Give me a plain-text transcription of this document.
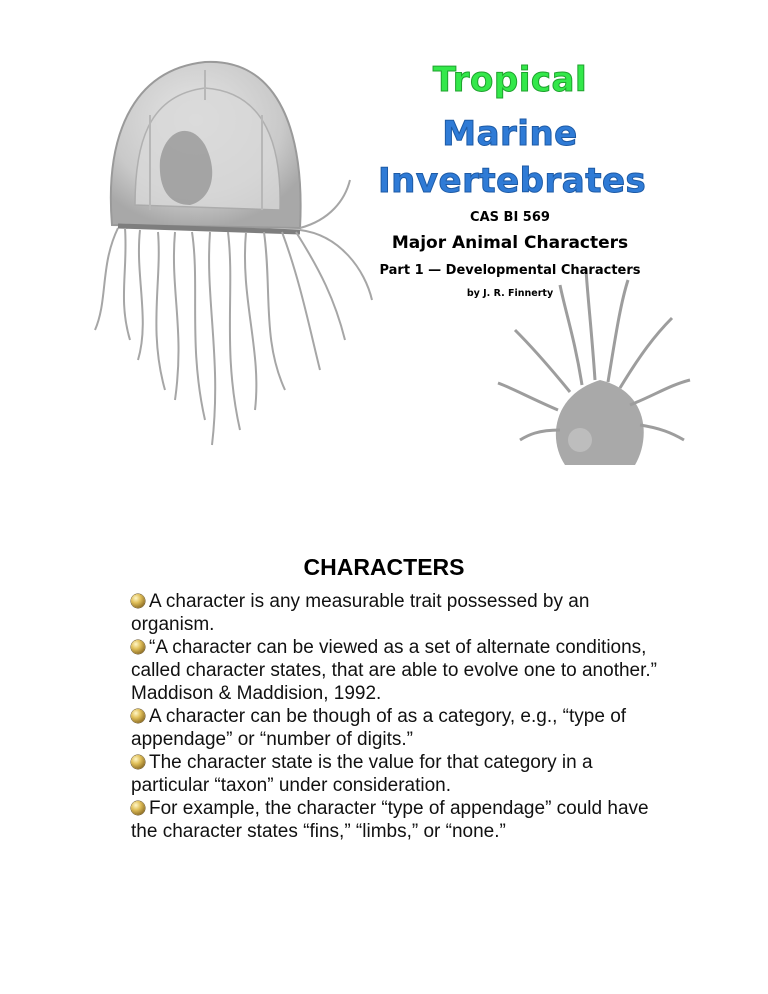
Tropical
Marine
Invertebrates
CAS BI 569
Major Animal Characters
Part 1 — Developmental Characters
by J. R. Finnerty
CHARACTERS
A character is any measurable trait possessed by an organism.
“A character can be viewed as a set of alternate conditions, called character states, that are able to evolve one to another.” Maddison & Maddision, 1992.
A character can be though of as a category, e.g., “type of appendage” or “number of digits.”
The character state is the value for that category in a particular “taxon” under consideration.
For example, the character “type of appendage” could have the character states “fins,” “limbs,” or “none.”
